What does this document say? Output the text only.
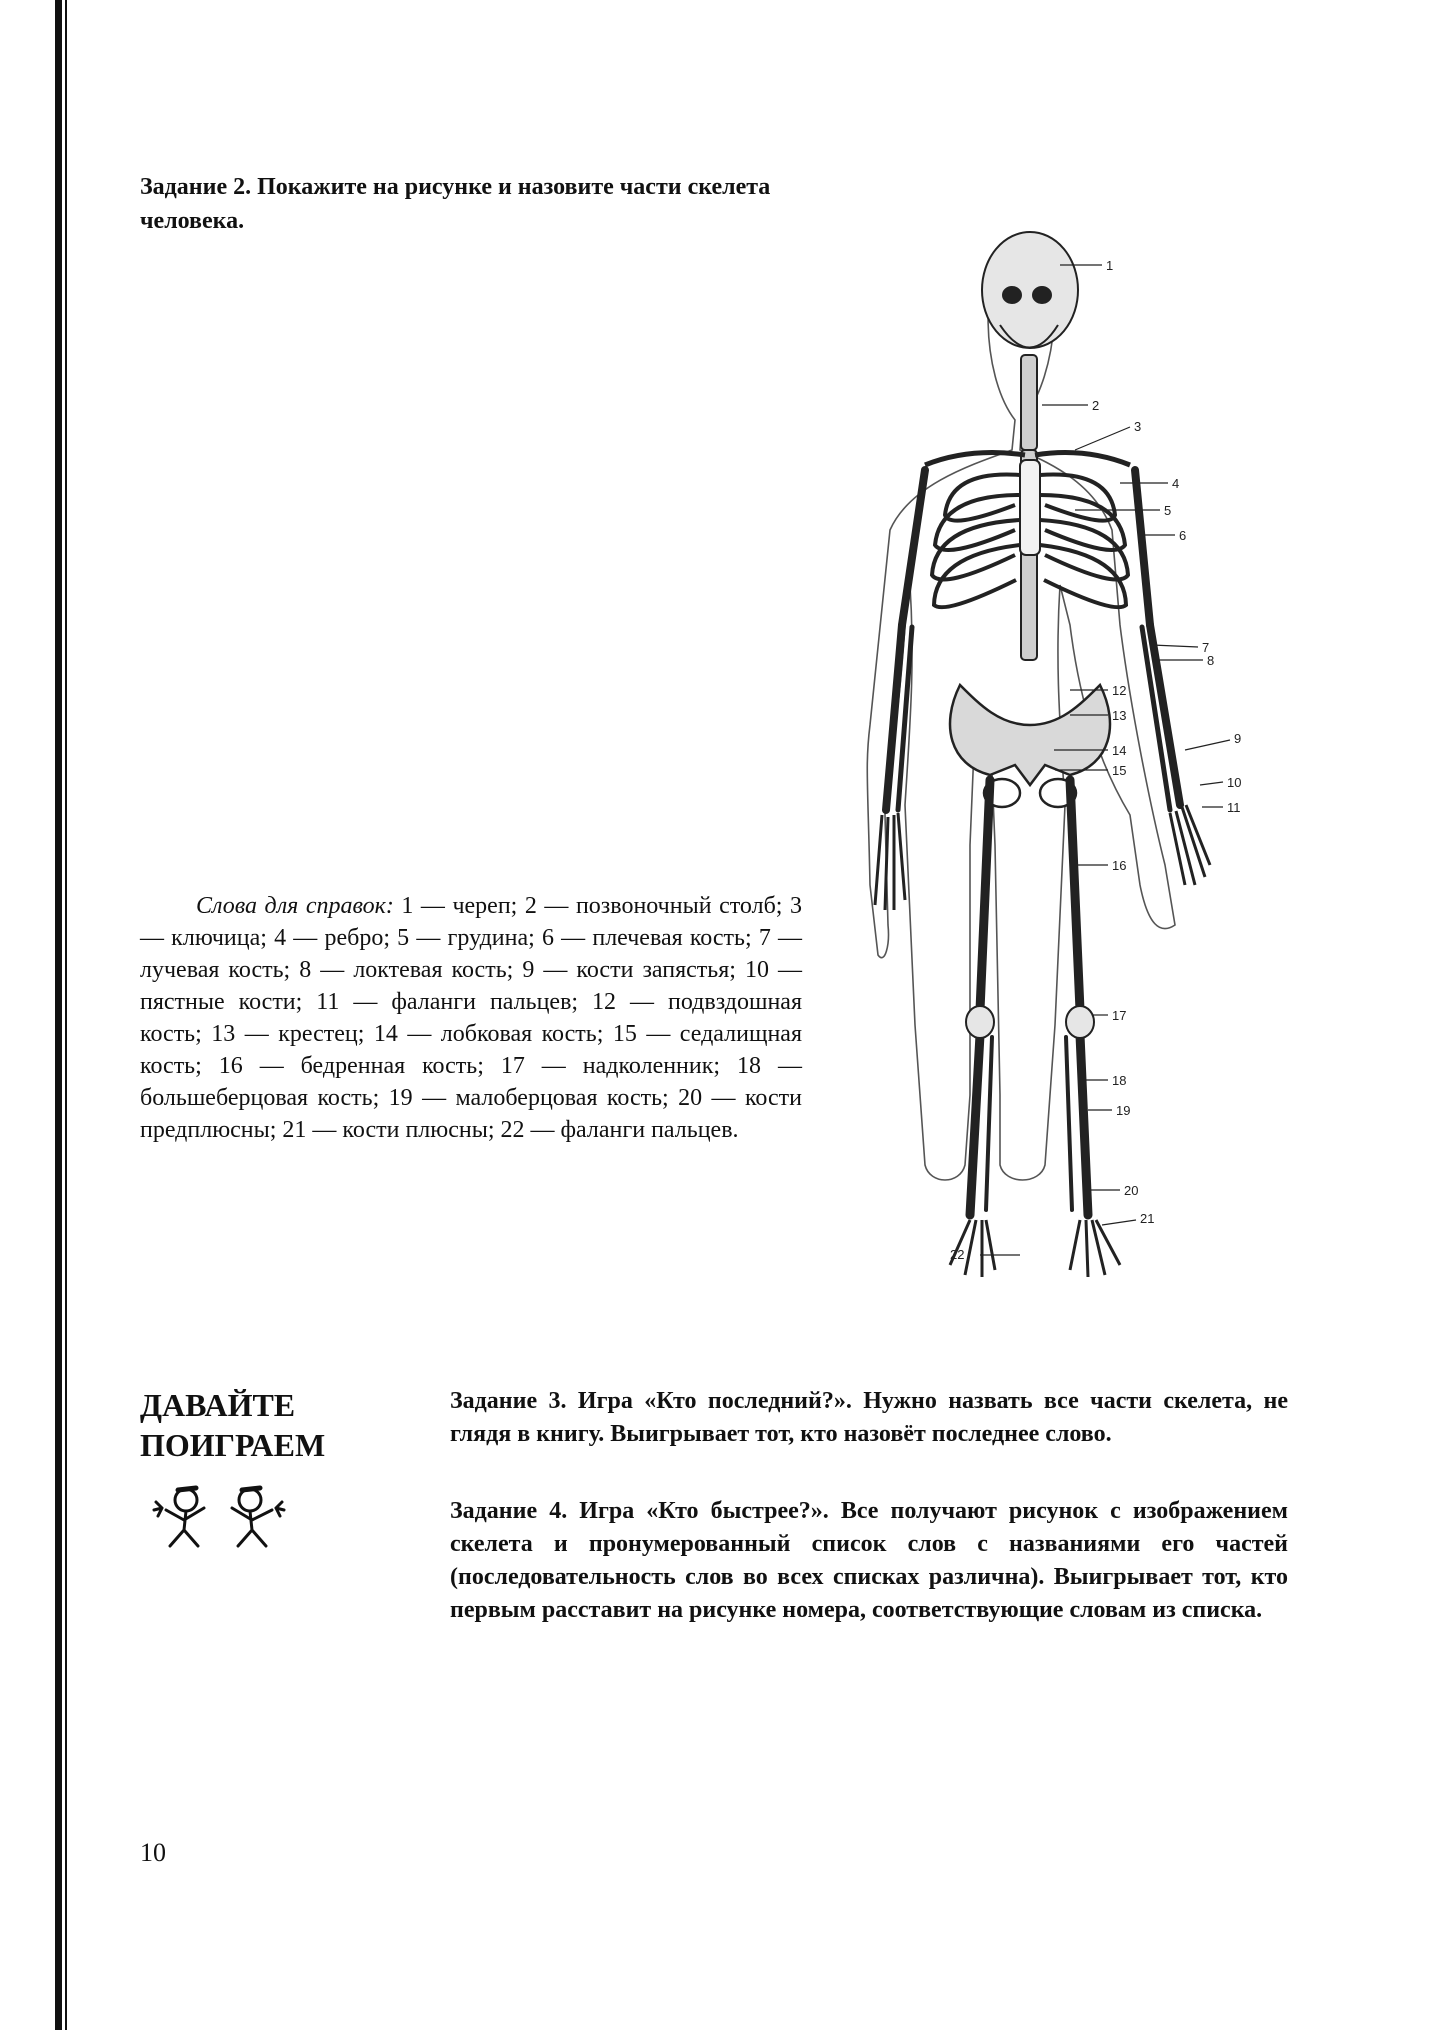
Задание 2. Покажите на рисунке и назовите части скелета человека.
1
2
3
4
5
6
7
8
12
13
14
15
9
10
11
16
17
18
19
20
21
22
Слова для справок: 1 — череп; 2 — позвоночный столб; 3 — ключица; 4 — ребро; 5 — грудина; 6 — плечевая кость; 7 — лучевая кость; 8 — локтевая кость; 9 — кости запястья; 10 — пястные кости; 11 — фаланги пальцев; 12 — подвздошная кость; 13 — крестец; 14 — лобковая кость; 15 — седалищная кость; 16 — бедренная кость; 17 — надколенник; 18 — большеберцовая кость; 19 — малоберцовая кость; 20 — кости предплюсны; 21 — кости плюсны; 22 — фаланги пальцев.
ДАВАЙТЕ
ПОИГРАЕМ
Задание 3. Игра «Кто последний?». Нужно назвать все части скелета, не глядя в книгу. Выигрывает тот, кто назовёт последнее слово.
Задание 4. Игра «Кто быстрее?». Все получают рисунок с изображением скелета и пронумерованный список слов с названиями его частей (последовательность слов во всех списках различна). Выигрывает тот, кто первым расставит на рисунке номера, соответствующие словам из списка.
10
